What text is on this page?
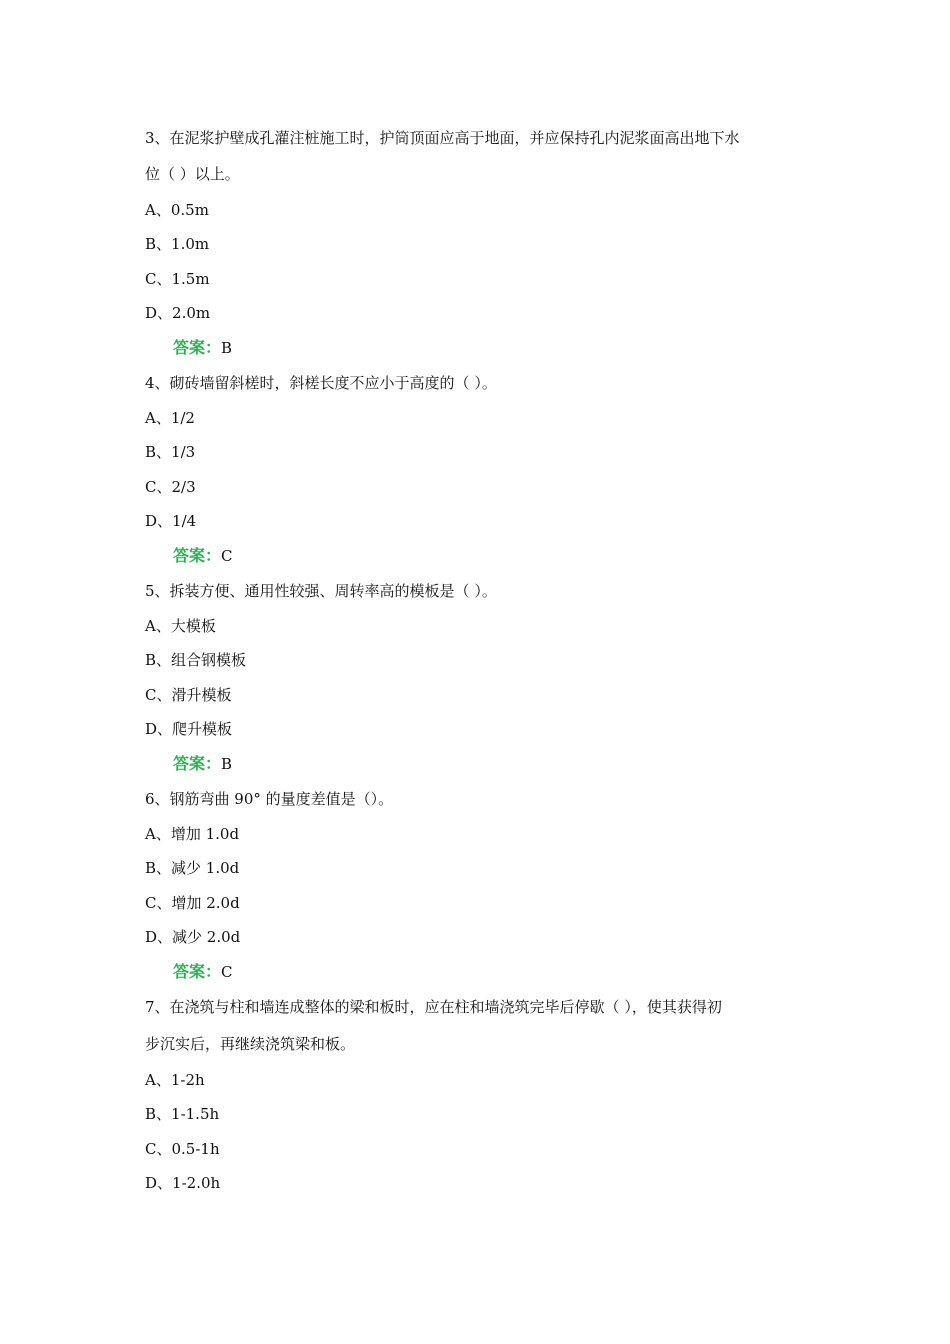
3、在泥浆护壁成孔灌注桩施工时，护筒顶面应高于地面，并应保持孔内泥浆面高出地下水
位（ ）以上。
A、0.5m
B、1.0m
C、1.5m
D、2.0m
答案：B
4、砌砖墙留斜槎时，斜槎长度不应小于高度的（ ）。
A、1/2
B、1/3
C、2/3
D、1/4
答案：C
5、拆装方便、通用性较强、周转率高的模板是（ ）。
A、大模板
B、组合钢模板
C、滑升模板
D、爬升模板
答案：B
6、钢筋弯曲 90° 的量度差值是（）。
A、增加 1.0d
B、减少 1.0d
C、增加 2.0d
D、减少 2.0d
答案：C
7、在浇筑与柱和墙连成整体的梁和板时，应在柱和墙浇筑完毕后停歇（ ），使其获得初
步沉实后，再继续浇筑梁和板。
A、1-2h
B、1-1.5h
C、0.5-1h
D、1-2.0h
